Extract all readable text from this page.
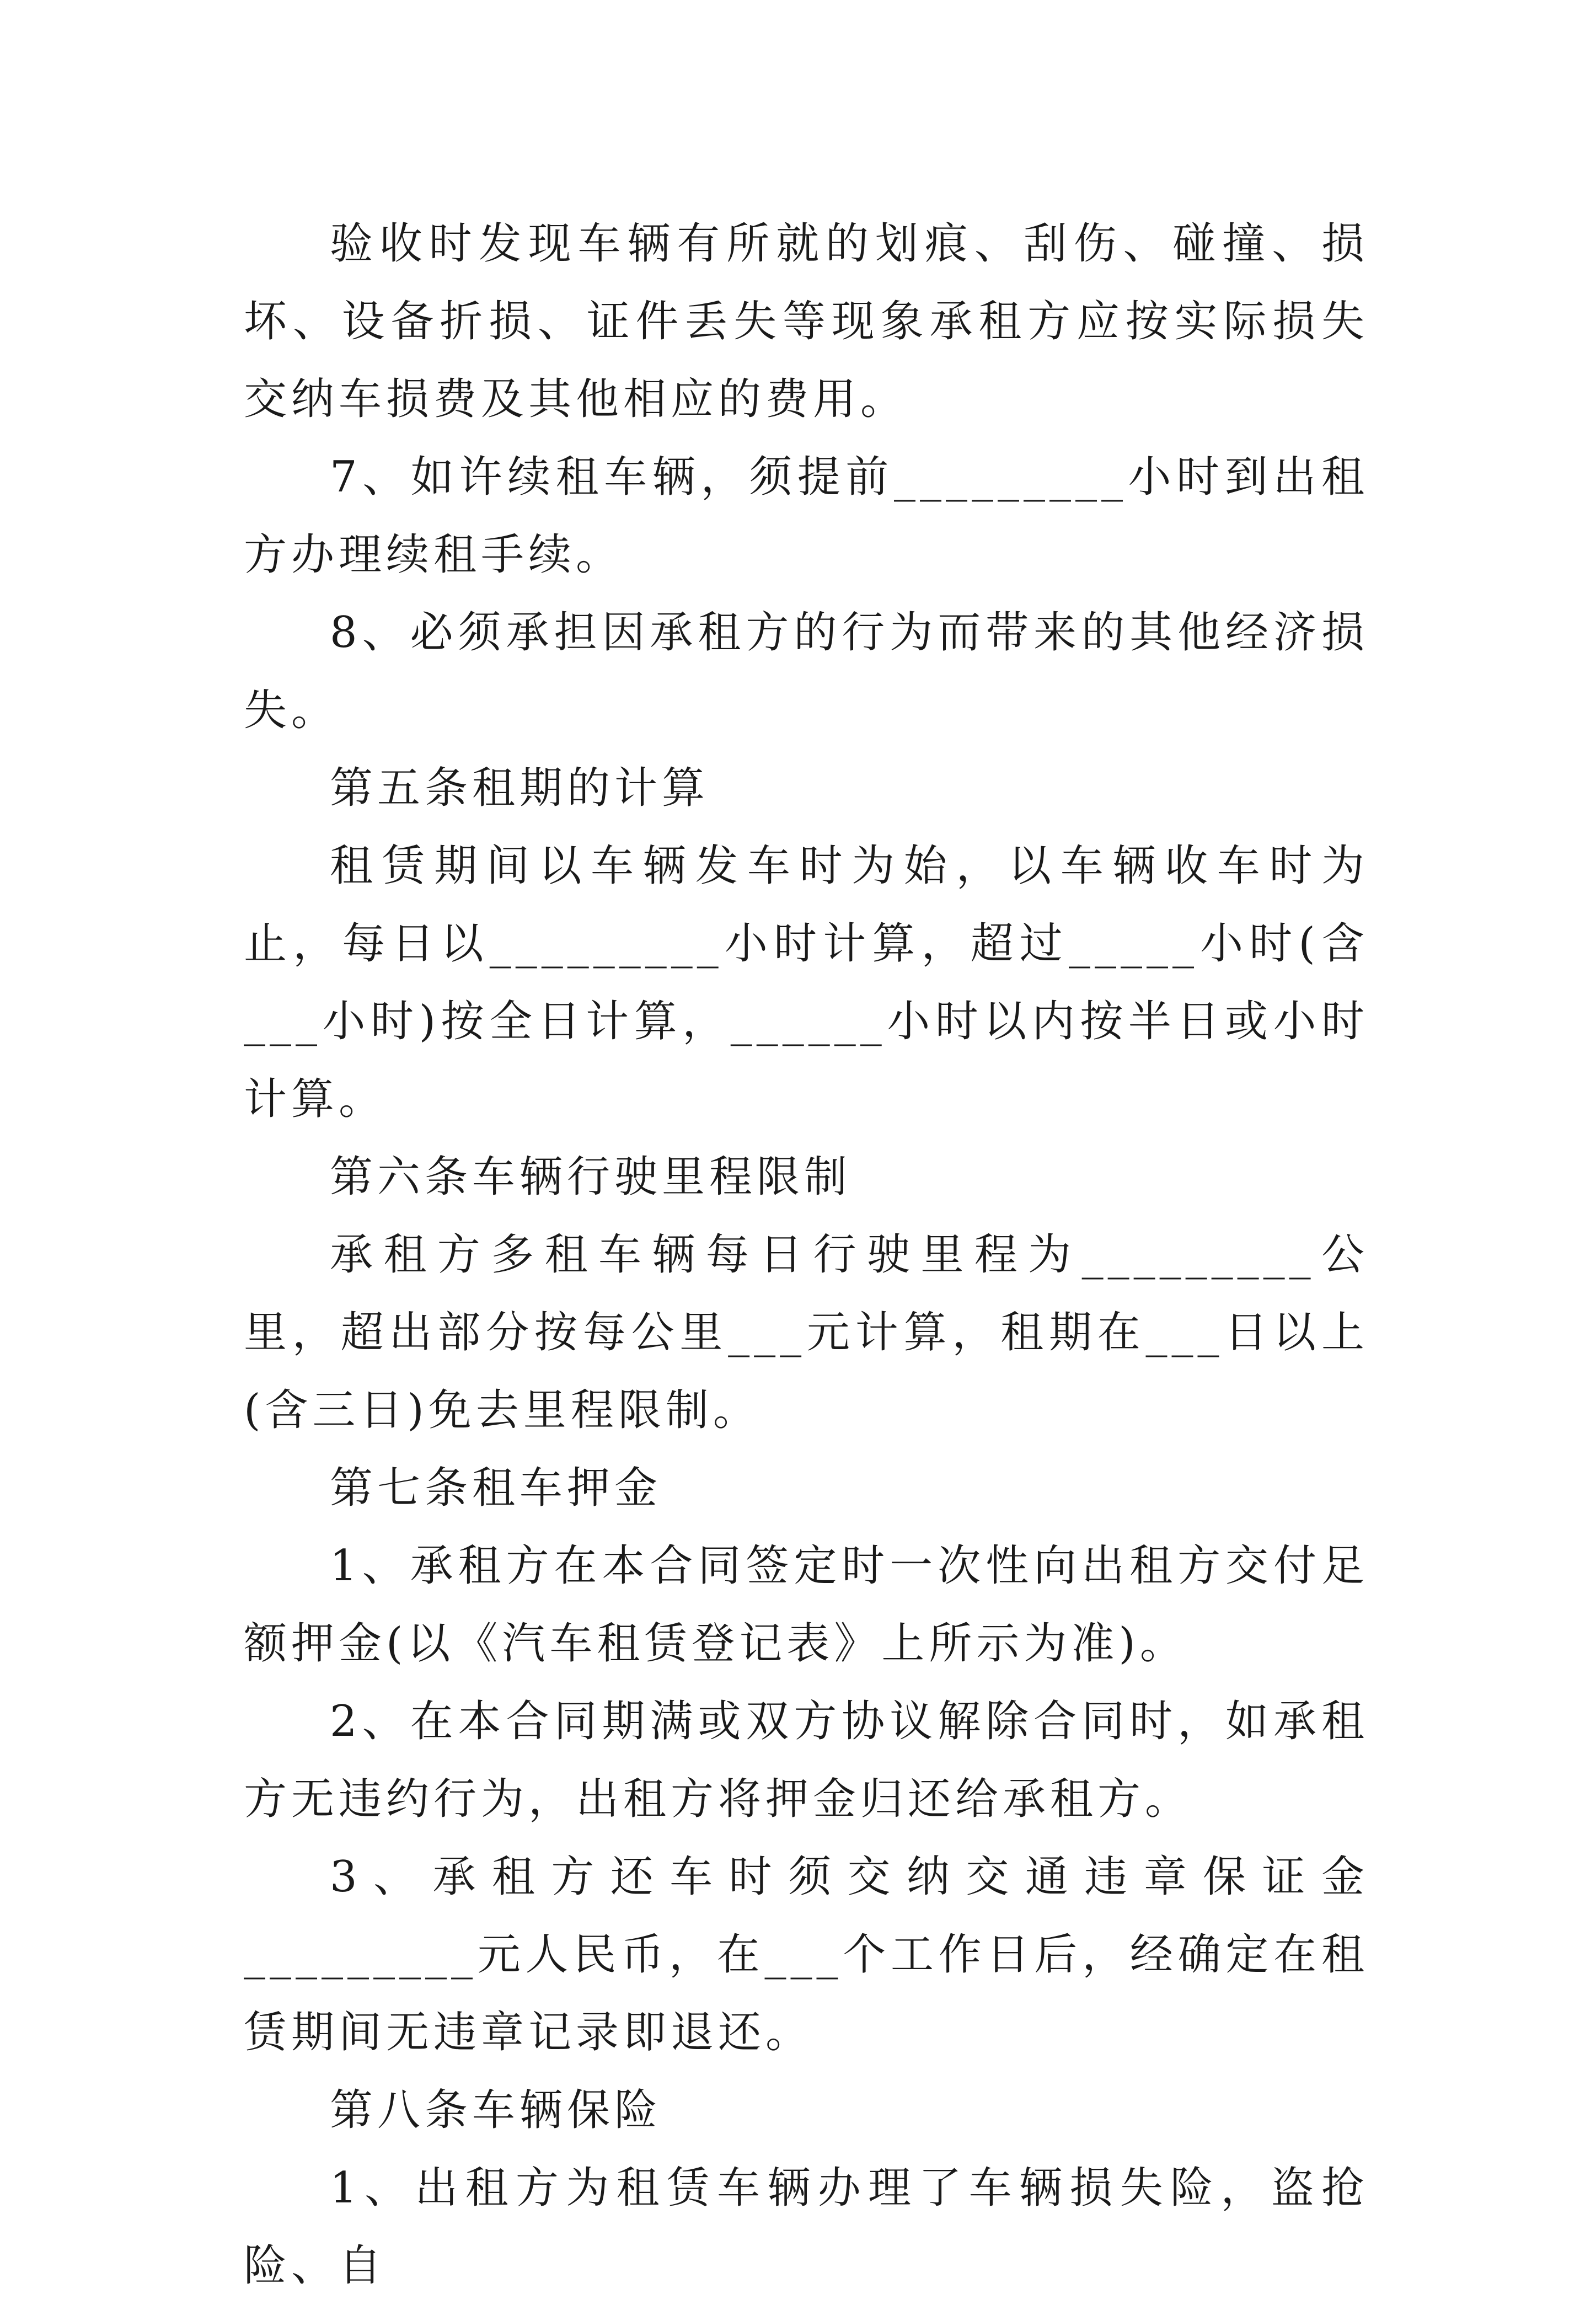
验收时发现车辆有所就的划痕、刮伤、碰撞、损坏、设备折损、证件丢失等现象承租方应按实际损失交纳车损费及其他相应的费用。

7、如许续租车辆，须提前_________小时到出租方办理续租手续。

8、必须承担因承租方的行为而带来的其他经济损失。

第五条租期的计算

租赁期间以车辆发车时为始，以车辆收车时为止，每日以_________小时计算，超过_____小时(含___小时)按全日计算，______小时以内按半日或小时计算。

第六条车辆行驶里程限制

承租方多租车辆每日行驶里程为_________公里，超出部分按每公里___元计算，租期在___日以上(含三日)免去里程限制。

第七条租车押金

1、承租方在本合同签定时一次性向出租方交付足额押金(以《汽车租赁登记表》上所示为准)。

2、在本合同期满或双方协议解除合同时，如承租方无违约行为，出租方将押金归还给承租方。

3、承租方还车时须交纳交通违章保证金_________元人民币，在___个工作日后，经确定在租赁期间无违章记录即退还。

第八条车辆保险

1、出租方为租赁车辆办理了车辆损失险，盗抢险、自
